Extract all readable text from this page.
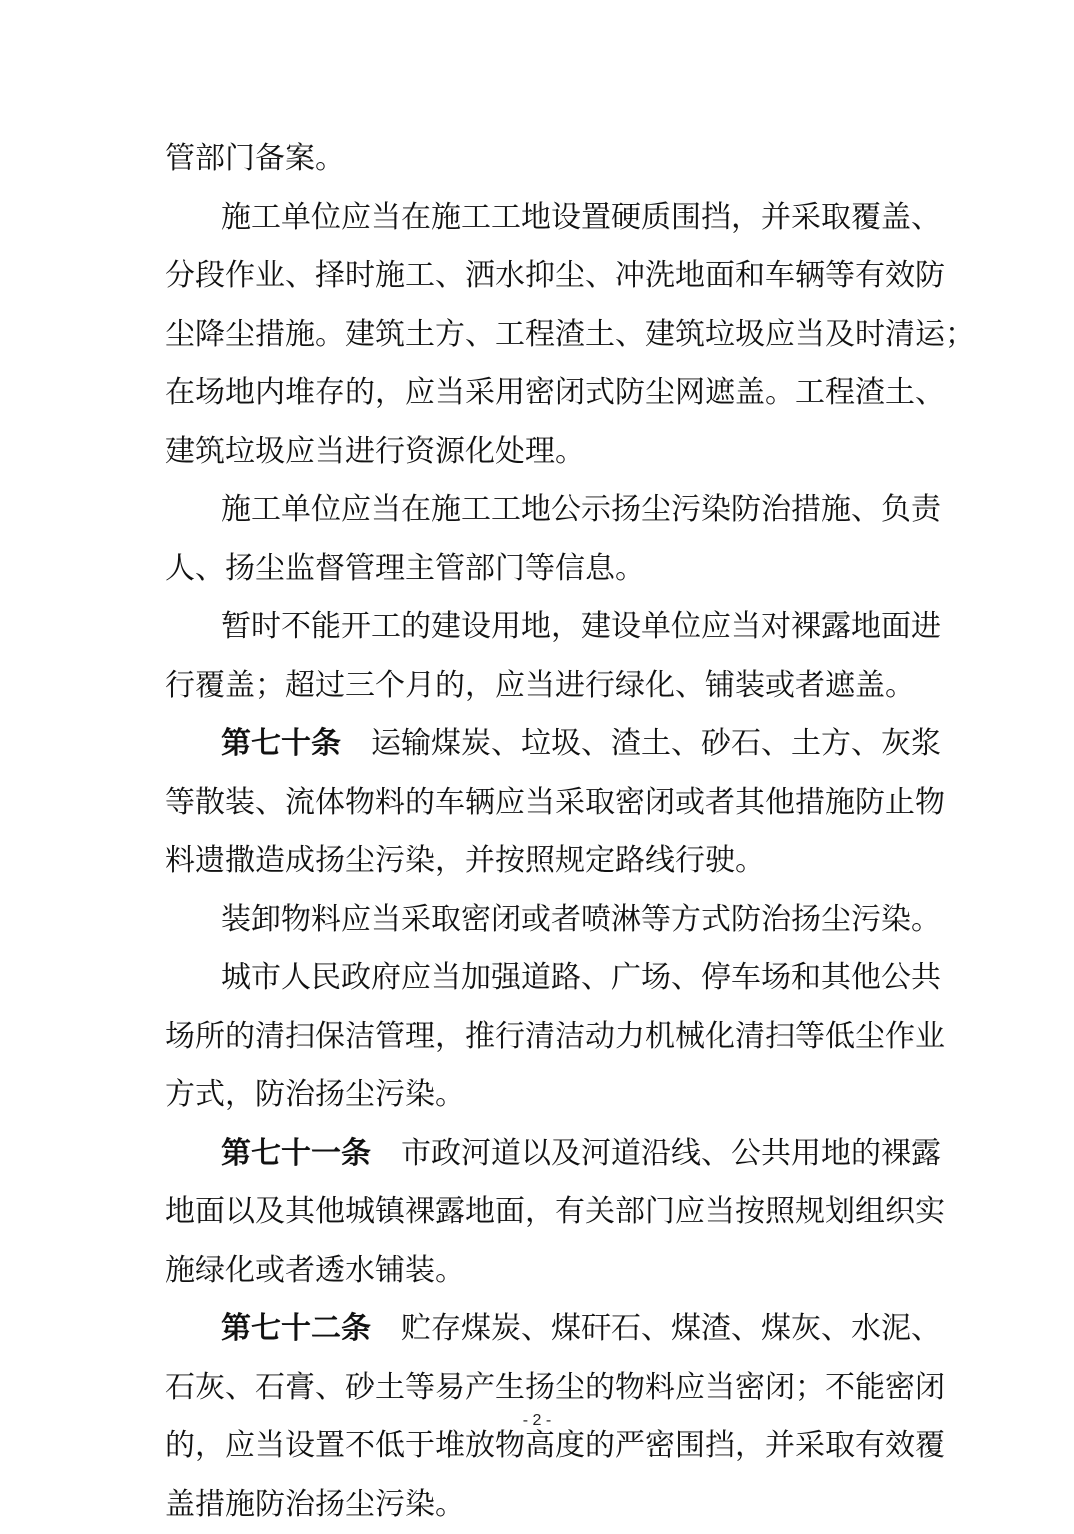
管部门备案。
施工单位应当在施工工地设置硬质围挡，并采取覆盖、
分段作业、择时施工、洒水抑尘、冲洗地面和车辆等有效防
尘降尘措施。建筑土方、工程渣土、建筑垃圾应当及时清运；
在场地内堆存的，应当采用密闭式防尘网遮盖。工程渣土、
建筑垃圾应当进行资源化处理。
施工单位应当在施工工地公示扬尘污染防治措施、负责
人、扬尘监督管理主管部门等信息。
暂时不能开工的建设用地，建设单位应当对裸露地面进
行覆盖；超过三个月的，应当进行绿化、铺装或者遮盖。
第七十条　运输煤炭、垃圾、渣土、砂石、土方、灰浆
等散装、流体物料的车辆应当采取密闭或者其他措施防止物
料遗撒造成扬尘污染，并按照规定路线行驶。
装卸物料应当采取密闭或者喷淋等方式防治扬尘污染。
城市人民政府应当加强道路、广场、停车场和其他公共
场所的清扫保洁管理，推行清洁动力机械化清扫等低尘作业
方式，防治扬尘污染。
第七十一条　市政河道以及河道沿线、公共用地的裸露
地面以及其他城镇裸露地面，有关部门应当按照规划组织实
施绿化或者透水铺装。
第七十二条　贮存煤炭、煤矸石、煤渣、煤灰、水泥、
石灰、石膏、砂土等易产生扬尘的物料应当密闭；不能密闭
的，应当设置不低于堆放物高度的严密围挡，并采取有效覆
盖措施防治扬尘污染。
- 2 -
